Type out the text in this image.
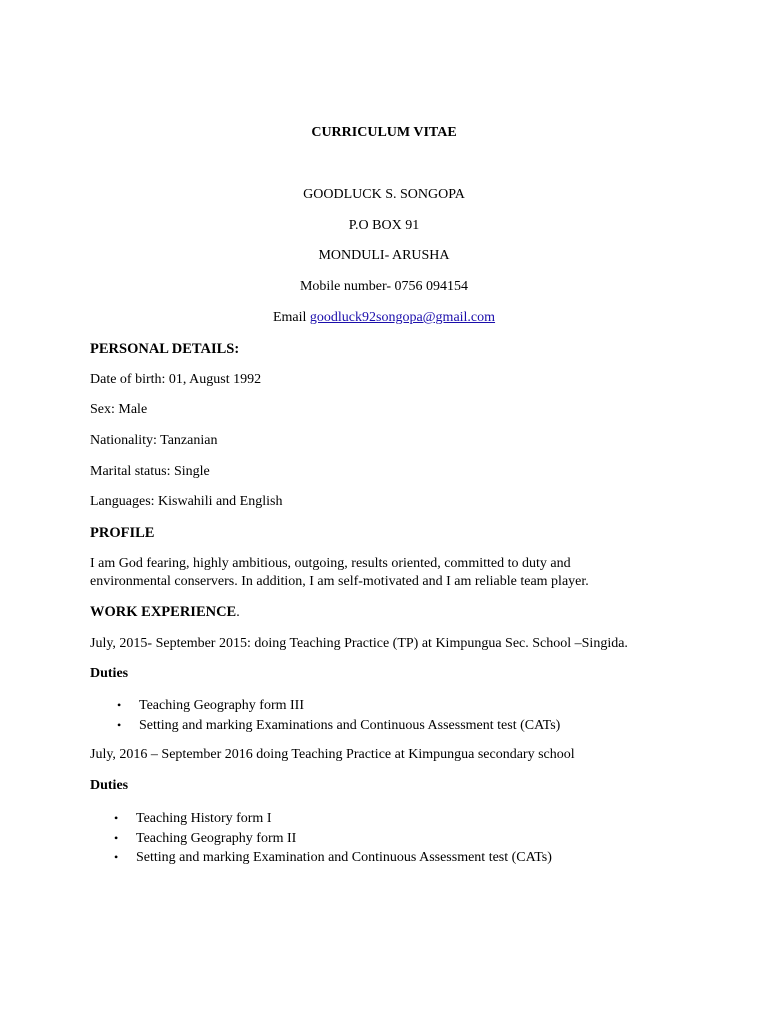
CURRICULUM VITAE
GOODLUCK S. SONGOPA
P.O BOX 91
MONDULI- ARUSHA
Mobile number- 0756 094154
Email goodluck92songopa@gmail.com
PERSONAL DETAILS:
Date of birth: 01, August 1992
Sex: Male
Nationality: Tanzanian
Marital status: Single
Languages: Kiswahili and English
PROFILE
I am God fearing, highly ambitious, outgoing, results oriented, committed to duty and
environmental conservers. In addition, I am self-motivated and I am reliable team player.
WORK EXPERIENCE.
July, 2015- September 2015: doing Teaching Practice (TP) at Kimpungua Sec. School –Singida.
Duties
• Teaching Geography form III
• Setting and marking Examinations and Continuous Assessment test (CATs)
July, 2016 – September 2016 doing Teaching Practice at Kimpungua secondary school
Duties
• Teaching History form I
• Teaching Geography form II
• Setting and marking Examination and Continuous Assessment test (CATs)
